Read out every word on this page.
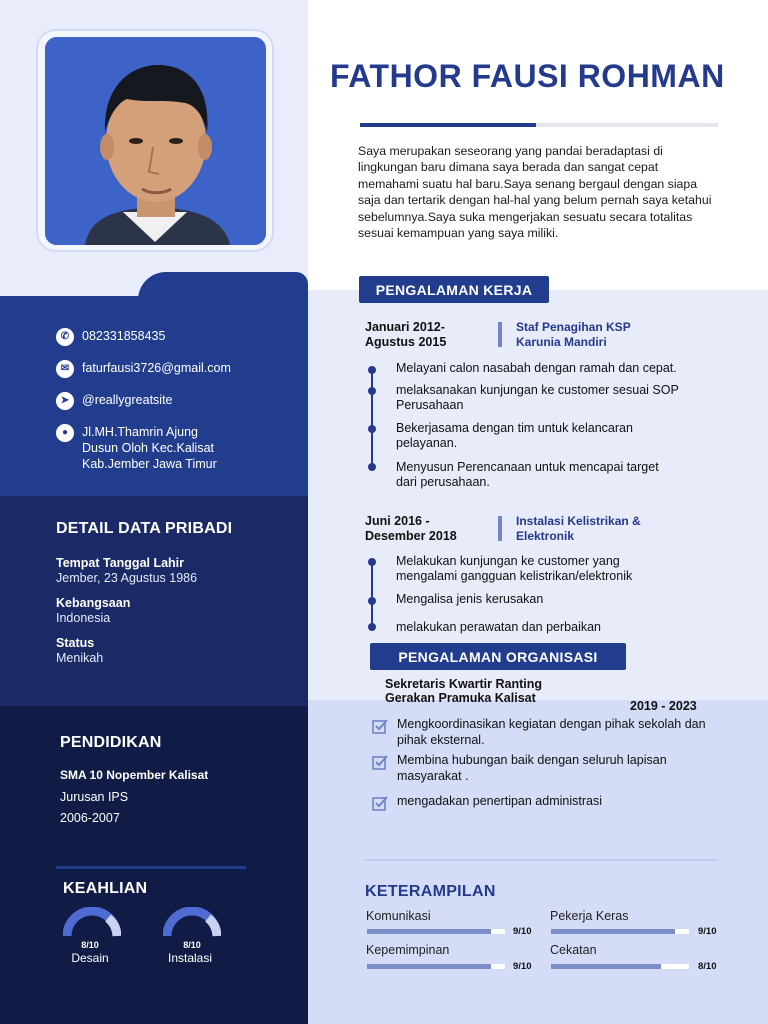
✆	082331858435
✉	faturfausi3726@gmail.com
➤	@reallygreatsite
●	Jl.MH.Thamrin Ajung
Dusun Oloh Kec.Kalisat
Kab.Jember Jawa Timur
DETAIL DATA PRIBADI
Tempat Tanggal Lahir
Jember, 23 Agustus 1986
Kebangsaan
Indonesia
Status
Menikah
PENDIDIKAN
SMA 10 Nopember Kalisat
Jurusan IPS
2006-2007
KEAHLIAN
8/10
Desain
8/10
Instalasi
FATHOR FAUSI ROHMAN
Saya merupakan seseorang yang pandai beradaptasi di lingkungan baru dimana saya berada dan sangat cepat memahami suatu hal baru.Saya senang bergaul dengan siapa saja dan tertarik dengan hal-hal yang belum pernah saya ketahui sebelumnya.Saya suka mengerjakan sesuatu secara totalitas sesuai kemampuan yang saya miliki.
PENGALAMAN KERJA
Januari 2012-
Agustus 2015
Staf Penagihan KSP
Karunia Mandiri
Melayani calon nasabah dengan ramah dan cepat.
melaksanakan kunjungan ke customer sesuai SOP
Perusahaan
Bekerjasama dengan tim untuk kelancaran
pelayanan.
Menyusun Perencanaan untuk mencapai target
dari perusahaan.
Juni 2016 -
Desember 2018
Instalasi Kelistrikan &
Elektronik
Melakukan kunjungan ke customer yang
mengalami gangguan kelistrikan/elektronik
Mengalisa jenis kerusakan
melakukan perawatan dan perbaikan
PENGALAMAN ORGANISASI
Sekretaris Kwartir Ranting
Gerakan Pramuka Kalisat
2019 - 2023
Mengkoordinasikan kegiatan dengan pihak sekolah dan
pihak eksternal.
Membina hubungan baik dengan seluruh lapisan
masyarakat .
mengadakan penertipan administrasi
KETERAMPILAN
Komunikasi
9/10
Pekerja Keras
9/10
Kepemimpinan
9/10
Cekatan
8/10
